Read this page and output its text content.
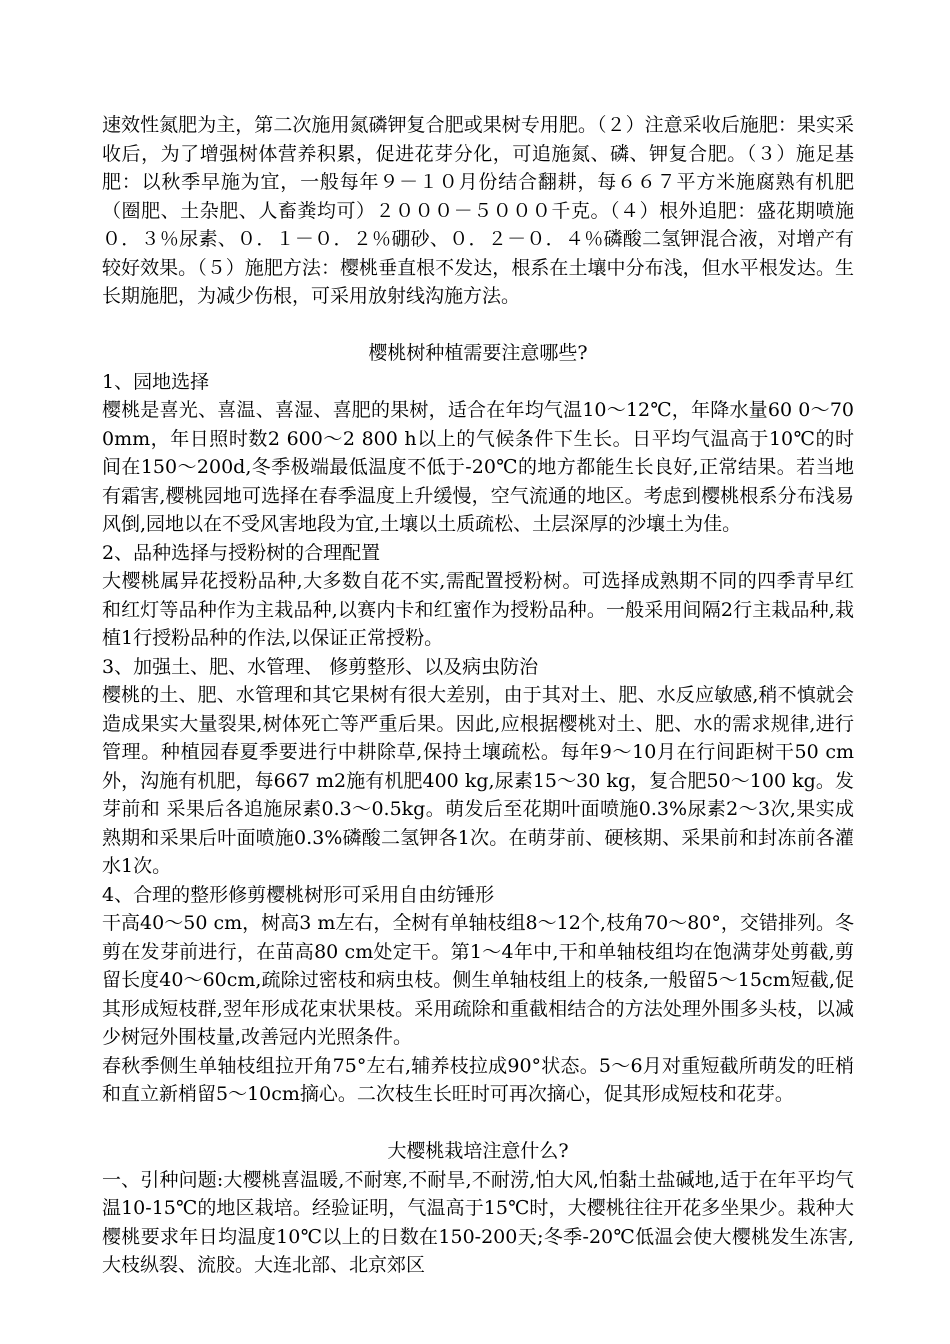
速效性氮肥为主，第二次施用氮磷钾复合肥或果树专用肥。（２）注意采收后施肥：果实采收后，为了增强树体营养积累，促进花芽分化，可追施氮、磷、钾复合肥。（３）施足基肥：以秋季早施为宜，一般每年９－１０月份结合翻耕，每６６７平方米施腐熟有机肥（圈肥、土杂肥、人畜粪均可）２０００－５０００千克。（４）根外追肥：盛花期喷施０．３％尿素、０．１－０．２％硼砂、０．２－０．４％磷酸二氢钾混合液，对增产有较好效果。（５）施肥方法：樱桃垂直根不发达，根系在土壤中分布浅，但水平根发达。生长期施肥，为减少伤根，可采用放射线沟施方法。

樱桃树种植需要注意哪些?

1、园地选择

樱桃是喜光、喜温、喜湿、喜肥的果树，适合在年均气温10～12℃，年降水量60 0～700mm，年日照时数2 600～2 800 h以上的气候条件下生长。日平均气温高于10℃的时间在150～200d,冬季极端最低温度不低于-20℃的地方都能生长良好,正常结果。若当地有霜害,樱桃园地可选择在春季温度上升缓慢，空气流通的地区。考虑到樱桃根系分布浅易风倒,园地以在不受风害地段为宜,土壤以土质疏松、土层深厚的沙壤土为佳。

2、品种选择与授粉树的合理配置

大樱桃属异花授粉品种,大多数自花不实,需配置授粉树。可选择成熟期不同的四季青早红和红灯等品种作为主栽品种,以赛内卡和红蜜作为授粉品种。一般采用间隔2行主栽品种,栽植1行授粉品种的作法,以保证正常授粉。

3、加强土、肥、水管理、 修剪整形、以及病虫防治

樱桃的土、肥、水管理和其它果树有很大差别，由于其对土、肥、水反应敏感,稍不慎就会造成果实大量裂果,树体死亡等严重后果。因此,应根据樱桃对土、肥、水的需求规律,进行管理。种植园春夏季要进行中耕除草,保持土壤疏松。每年9～10月在行间距树干50 cm外，沟施有机肥，每667 m2施有机肥400 kg,尿素15～30 kg，复合肥50～100 kg。发芽前和 采果后各追施尿素0.3～0.5kg。萌发后至花期叶面喷施0.3%尿素2～3次,果实成熟期和采果后叶面喷施0.3%磷酸二氢钾各1次。在萌芽前、硬核期、采果前和封冻前各灌水1次。

4、合理的整形修剪樱桃树形可采用自由纺锤形

干高40～50 cm，树高3 m左右，全树有单轴枝组8～12个,枝角70～80°，交错排列。冬剪在发芽前进行，在苗高80 cm处定干。第1～4年中,干和单轴枝组均在饱满芽处剪截,剪留长度40～60cm,疏除过密枝和病虫枝。侧生单轴枝组上的枝条,一般留5～15cm短截,促其形成短枝群,翌年形成花束状果枝。采用疏除和重截相结合的方法处理外围多头枝，以减少树冠外围枝量,改善冠内光照条件。

春秋季侧生单轴枝组拉开角75°左右,辅养枝拉成90°状态。5～6月对重短截所萌发的旺梢和直立新梢留5～10cm摘心。二次枝生长旺时可再次摘心，促其形成短枝和花芽。

大樱桃栽培注意什么?

一、引种问题:大樱桃喜温暖,不耐寒,不耐旱,不耐涝,怕大风,怕黏土盐碱地,适于在年平均气温10-15℃的地区栽培。经验证明，气温高于15℃时，大樱桃往往开花多坐果少。栽种大樱桃要求年日均温度10℃以上的日数在150-200天;冬季-20℃低温会使大樱桃发生冻害,大枝纵裂、流胶。大连北部、北京郊区
